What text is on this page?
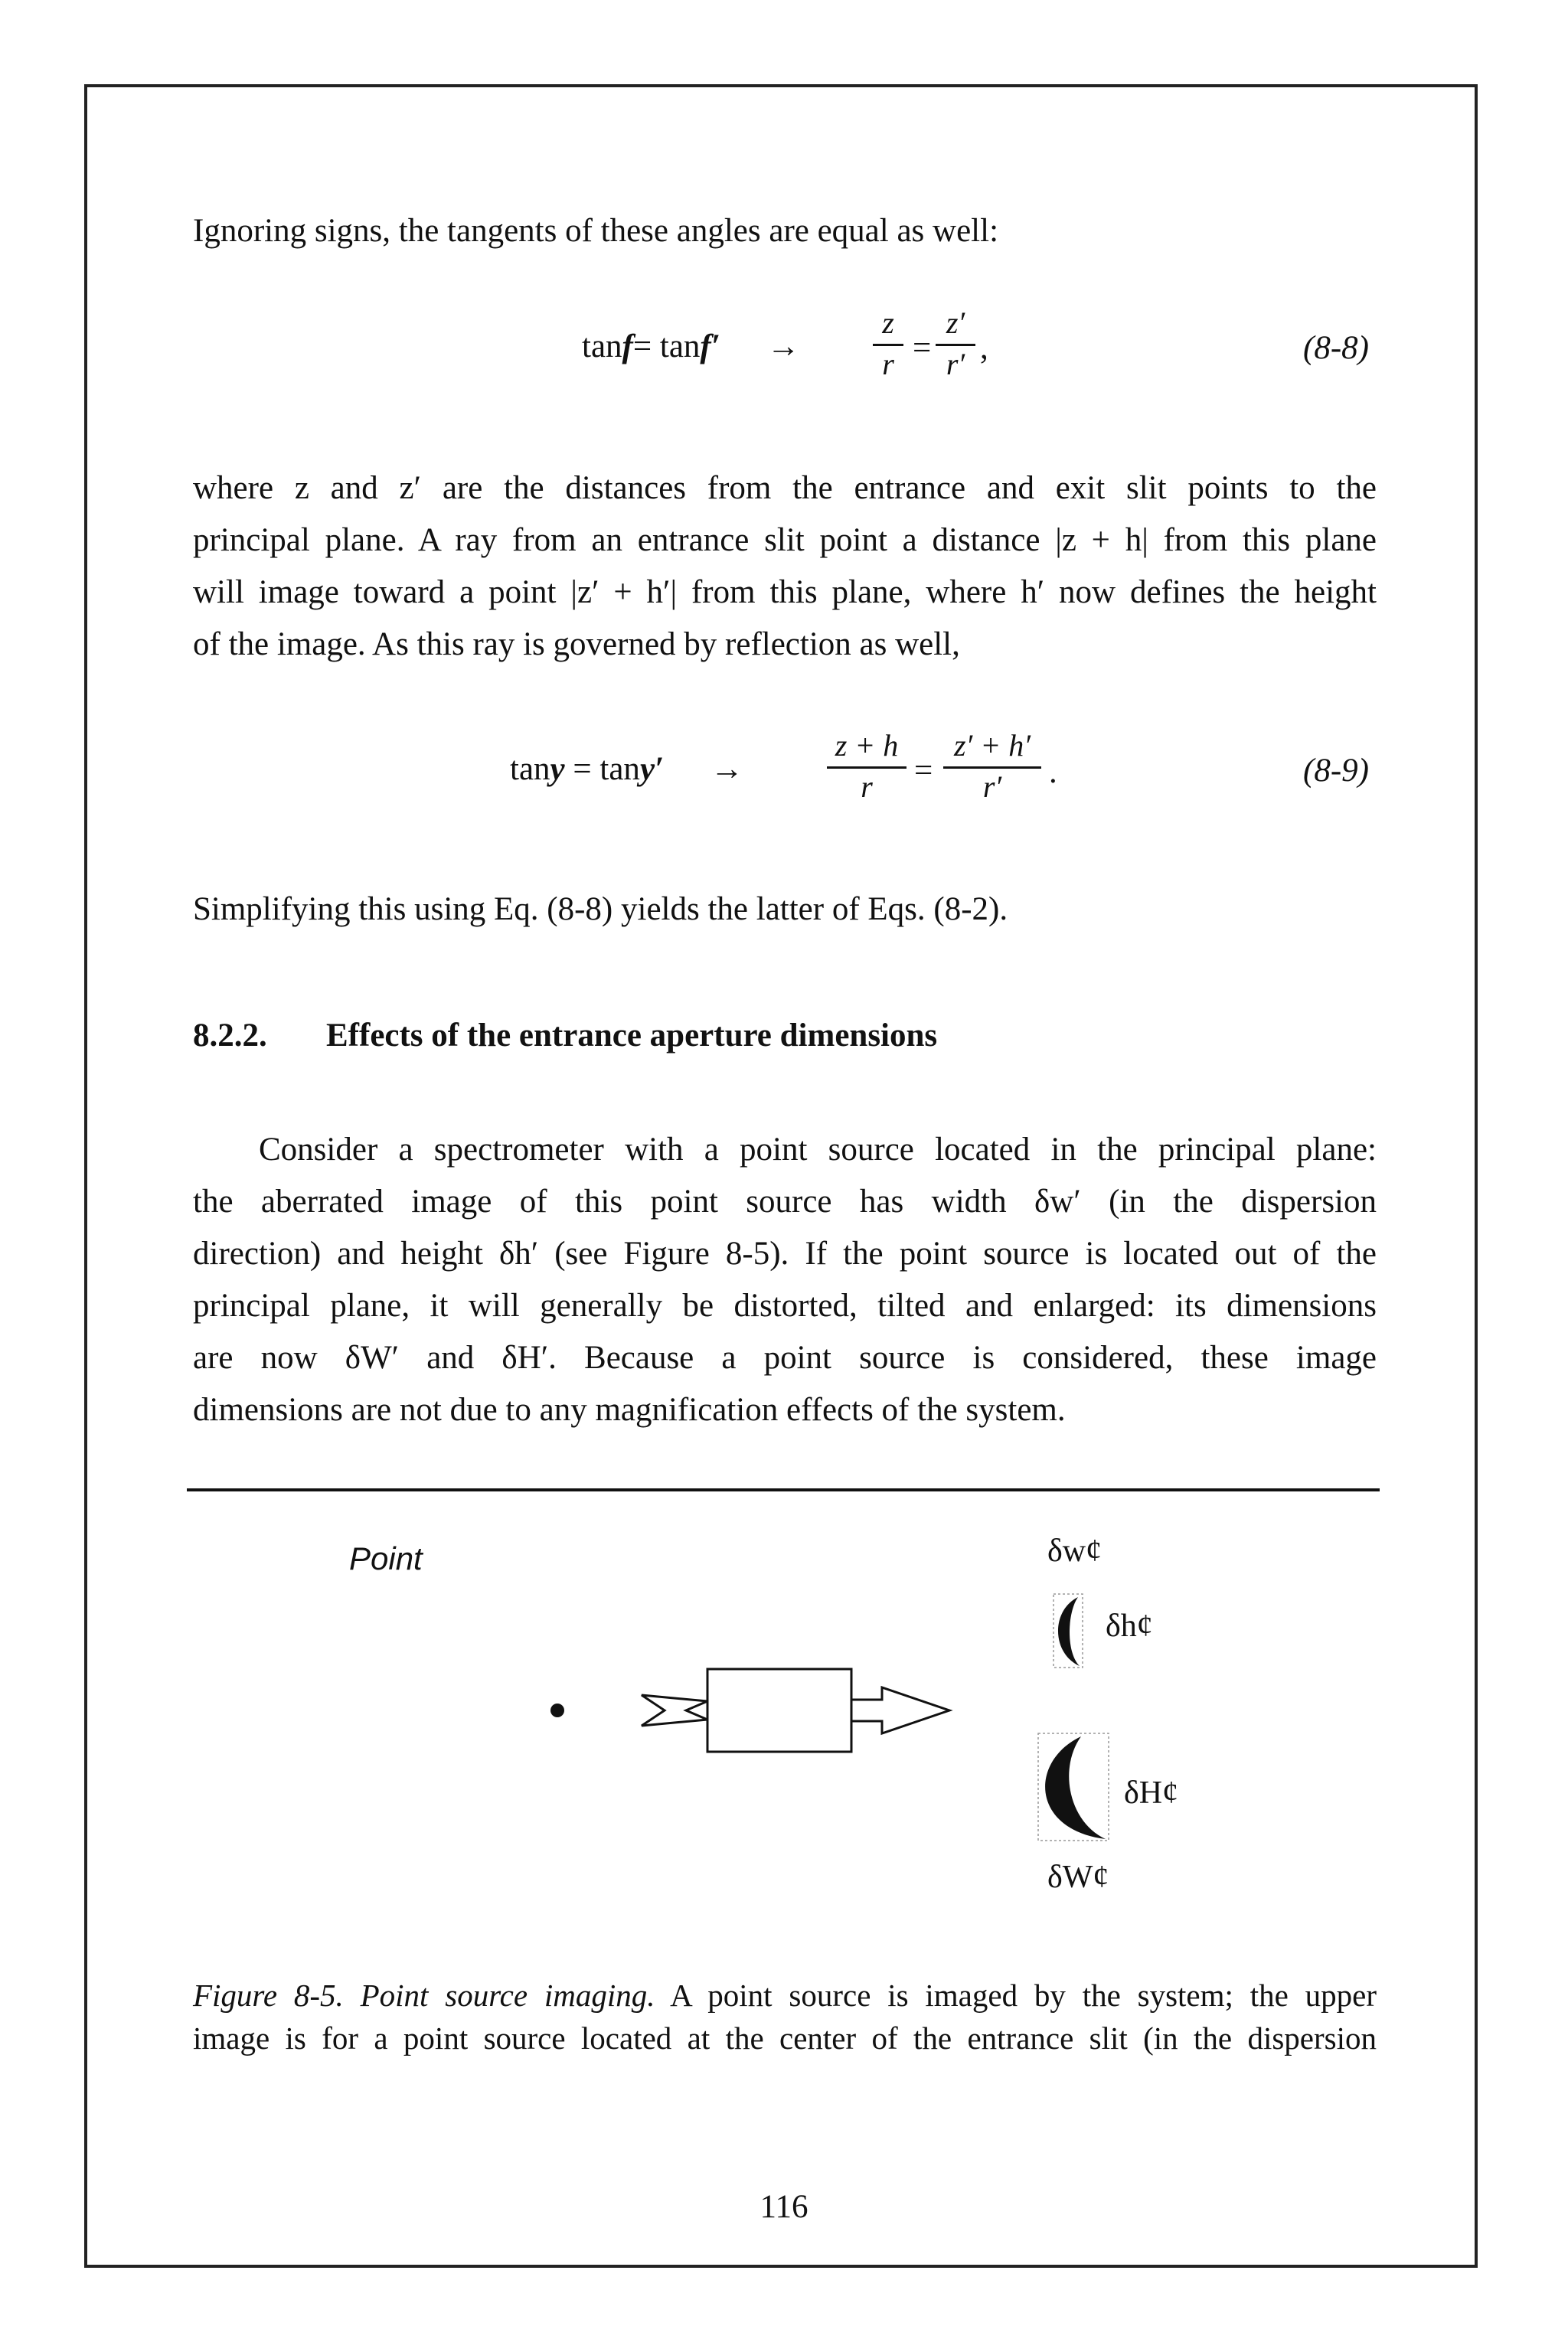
Ignoring signs, the tangents of these angles are equal as well:
tanf= tanf′ →
z
r =
z′
r′ ,	(8-8)
where z and z′ are the distances from the entrance and exit slit points to the
principal plane. A ray from an entrance slit point a distance |z + h| from this plane
will image toward a point |z′ + h′| from this plane, where h′ now defines the height
of the image. As this ray is governed by reflection as well,
tany = tany′ →
z + h
r	=
z′ + h′
r′	.	(8-9)
Simplifying this using Eq. (8-8) yields the latter of Eqs. (8-2).
8.2.2. Effects of the entrance aperture dimensions
Consider a spectrometer with a point source located in the principal plane:
the aberrated image of this point source has width δw′ (in the dispersion
direction) and height δh′ (see Figure 8-5). If the point source is located out of the
principal plane, it will generally be distorted, tilted and enlarged: its dimensions
are now δW′ and δH′. Because a point source is considered, these image
dimensions are not due to any magnification effects of the system.
Point	δw¢
δh¢
δH¢
δW¢
Figure 8-5. Point source imaging. A point source is imaged by the system; the upper
image is for a point source located at the center of the entrance slit (in the dispersion
116
